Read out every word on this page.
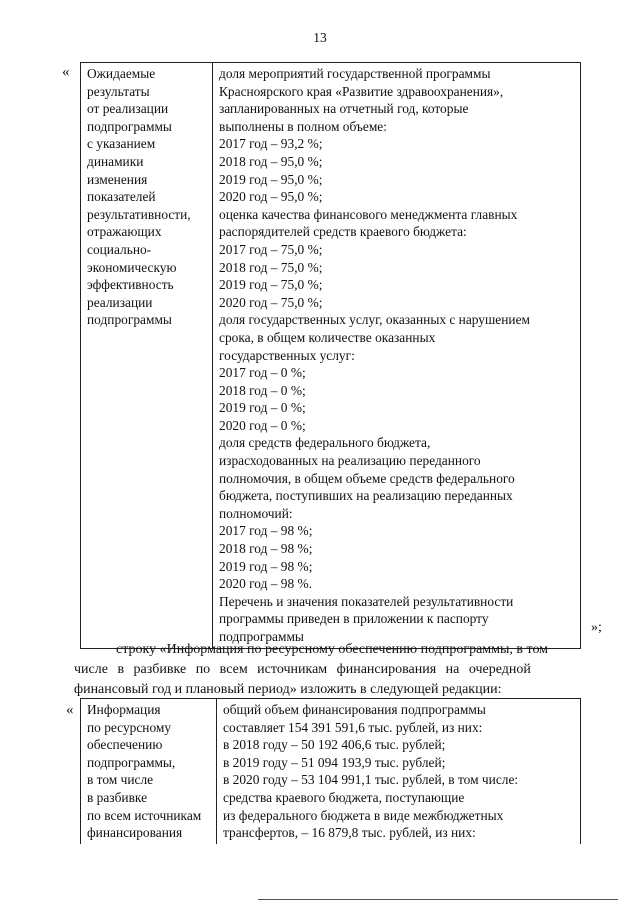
13
« Ожидаемые
результаты
от реализации
подпрограммы
с указанием
динамики
изменения
показателей
результативности,
отражающих
социально-
экономическую
эффективность
реализации
подпрограммы

доля мероприятий государственной программы
Красноярского края «Развитие здравоохранения»,
запланированных на отчетный год, которые
выполнены в полном объеме:
2017 год – 93,2 %;
2018 год – 95,0 %;
2019 год – 95,0 %;
2020 год – 95,0 %;
оценка качества финансового менеджмента главных
распорядителей средств краевого бюджета:
2017 год – 75,0 %;
2018 год – 75,0 %;
2019 год – 75,0 %;
2020 год – 75,0 %;
доля государственных услуг, оказанных с нарушением
срока, в общем количестве оказанных
государственных услуг:
2017 год – 0 %;
2018 год – 0 %;
2019 год – 0 %;
2020 год – 0 %;
доля средств федерального бюджета,
израсходованных на реализацию переданного
полномочия, в общем объеме средств федерального
бюджета, поступивших на реализацию переданных
полномочий:
2017 год – 98 %;
2018 год – 98 %;
2019 год – 98 %;
2020 год – 98 %.
Перечень и значения показателей результативности
программы приведен в приложении к паспорту
подпрограммы
»;
строку «Информация по ресурсному обеспечению подпрограммы, в том
числе в разбивке по всем источникам финансирования на очередной
финансовый год и плановый период» изложить в следующей редакции:
« Информация
по ресурсному
обеспечению
подпрограммы,
в том числе
в разбивке
по всем источникам
финансирования

общий объем финансирования подпрограммы
составляет 154 391 591,6 тыс. рублей, из них:
в 2018 году – 50 192 406,6 тыс. рублей;
в 2019 году – 51 094 193,9 тыс. рублей;
в 2020 году – 53 104 991,1 тыс. рублей, в том числе:
средства краевого бюджета, поступающие
из федерального бюджета в виде межбюджетных
трансфертов, – 16 879,8 тыс. рублей, из них:
